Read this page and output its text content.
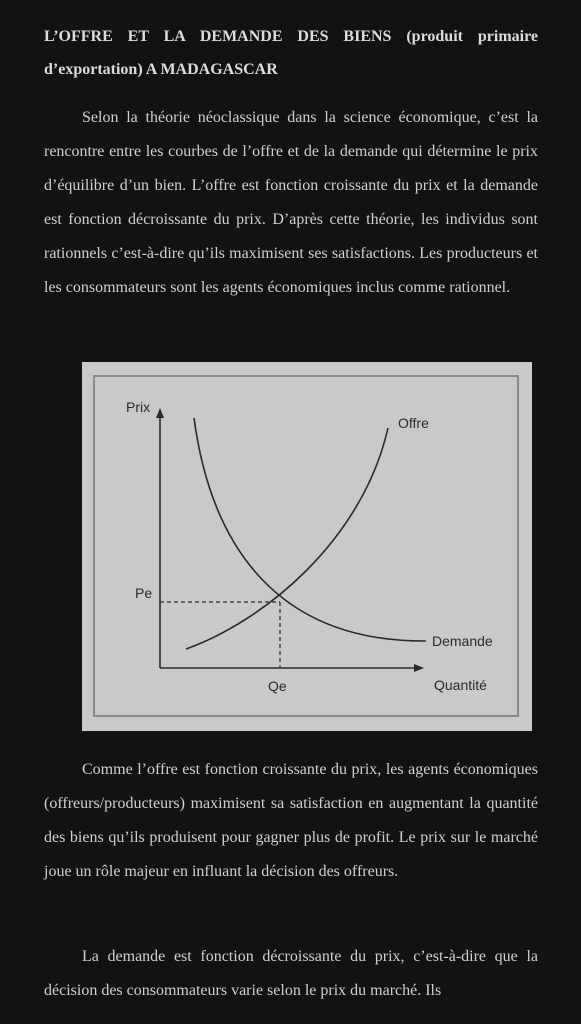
L’OFFRE ET LA DEMANDE DES BIENS (produit primaire d’exportation) A MADAGASCAR

Selon la théorie néoclassique dans la science économique, c’est la rencontre entre les courbes de l’offre et de la demande qui détermine le prix d’équilibre d’un bien. L’offre est fonction croissante du prix et la demande est fonction décroissante du prix. D’après cette théorie, les individus sont rationnels c’est-à-dire qu’ils maximisent ses satisfactions. Les producteurs et les consommateurs sont les agents économiques inclus comme rationnel.

Prix
Quantité
Pe
Qe
Offre
Demande

Comme l’offre est fonction croissante du prix, les agents économiques (offreurs/producteurs) maximisent sa satisfaction en augmentant la quantité des biens qu’ils produisent pour gagner plus de profit. Le prix sur le marché joue un rôle majeur en influant la décision des offreurs.

La demande est fonction décroissante du prix, c’est-à-dire que la décision des consommateurs varie selon le prix du marché. Ils
